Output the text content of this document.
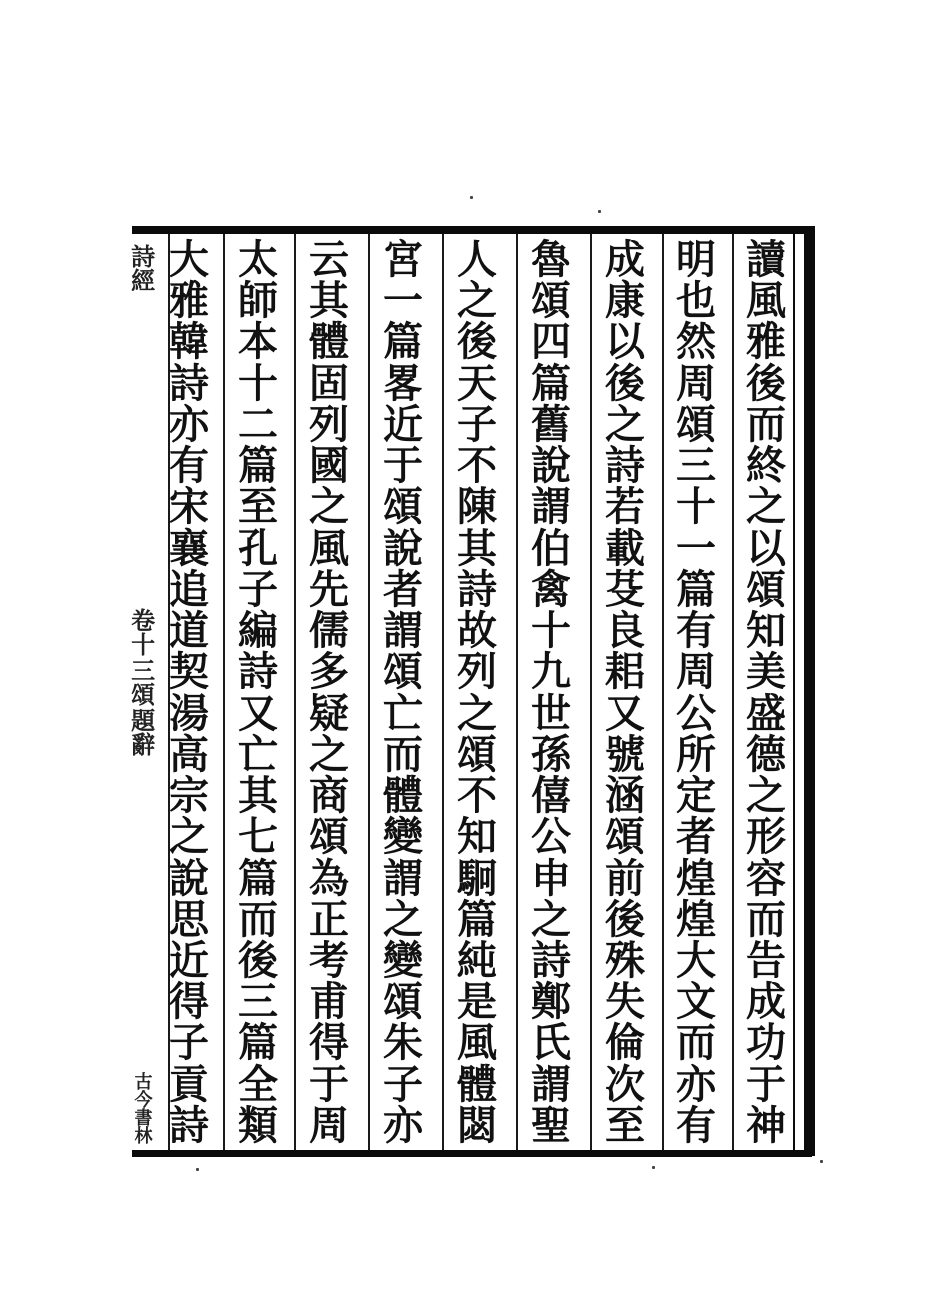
讀
風
雅
後
而
終
之
以
頌
知
美
盛
德
之
形
容
而
告
成
功
于
神
明
也
然
周
頌
三
十
一
篇
有
周
公
所
定
者
煌
煌
大
文
而
亦
有
成
康
以
後
之
詩
若
載
芟
良
耜
又
號
涵
頌
前
後
殊
失
倫
次
至
魯
頌
四
篇
舊
說
謂
伯
禽
十
九
世
孫
僖
公
申
之
詩
鄭
氏
謂
聖
人
之
後
天
子
不
陳
其
詩
故
列
之
頌
不
知
駉
篇
純
是
風
體
閟
宮
一
篇
畧
近
于
頌
說
者
謂
頌
亡
而
體
變
謂
之
變
頌
朱
子
亦
云
其
體
固
列
國
之
風
先
儒
多
疑
之
商
頌
為
正
考
甫
得
于
周
太
師
本
十
二
篇
至
孔
子
編
詩
又
亡
其
七
篇
而
後
三
篇
全
類
大
雅
韓
詩
亦
有
宋
襄
追
道
契
湯
高
宗
之
說
思
近
得
子
貢
詩
詩經
卷十
三頌
題辭
古今書林
